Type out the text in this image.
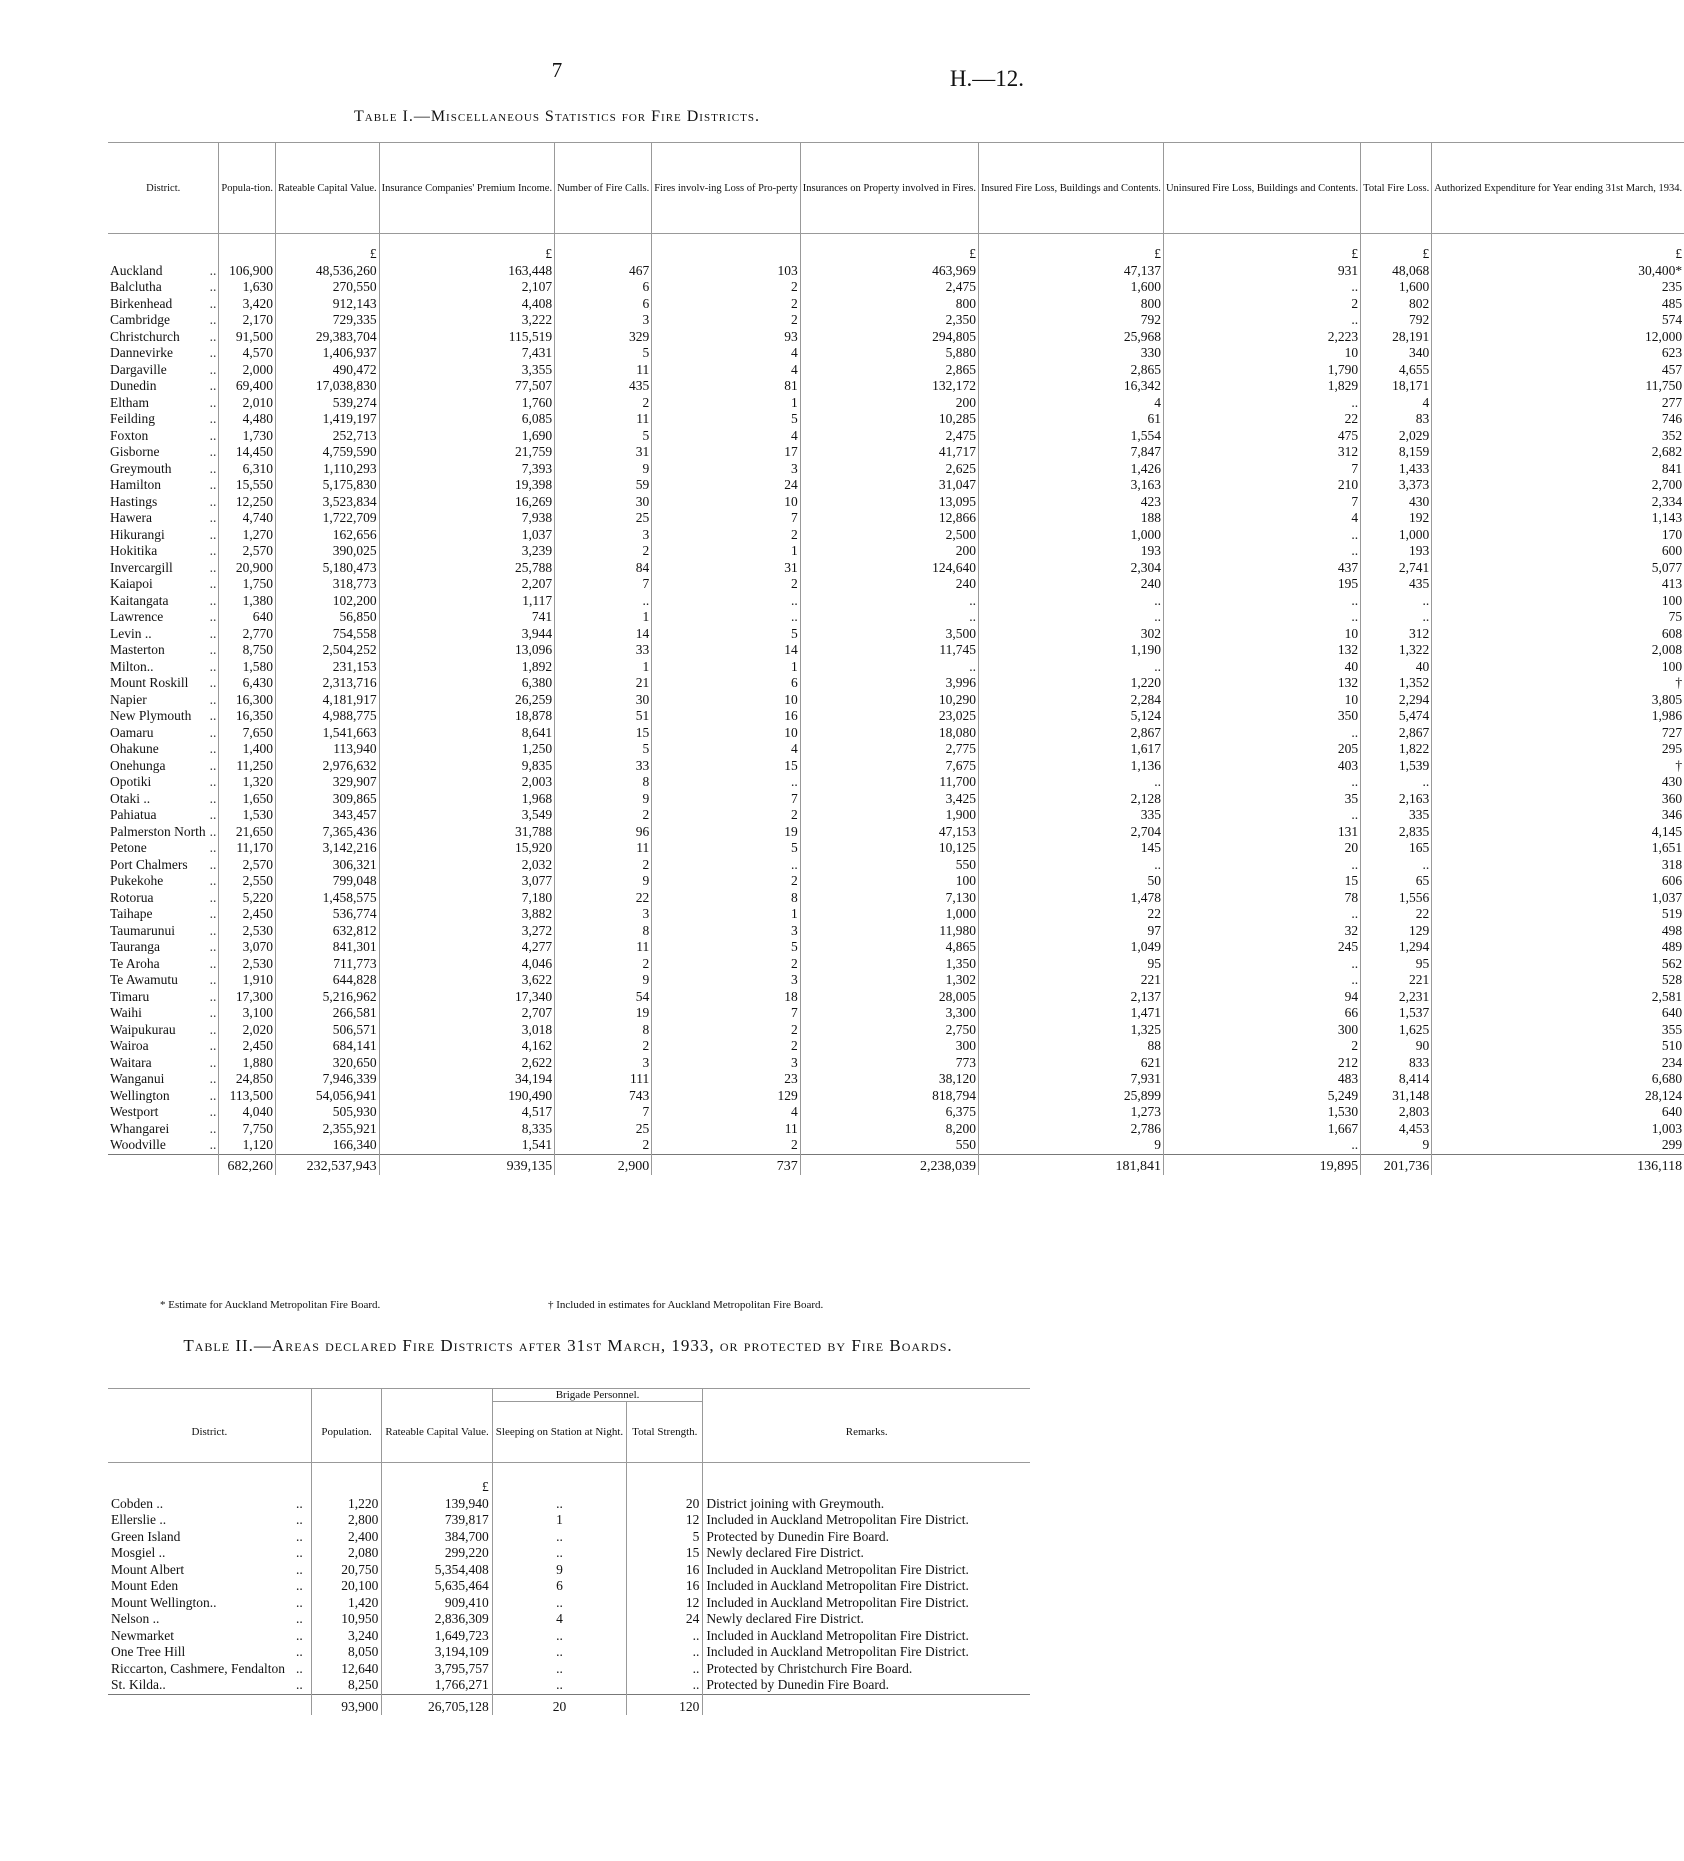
7	H.—12.
Table I.—Miscellaneous Statistics for Fire Districts.
District.		Popula-tion.	Rateable Capital Value.	Insurance Companies' Premium Income.	Number of Fire Calls.	Fires involv-ing Loss of Pro-perty	Insurances on Property involved in Fires.	Insured Fire Loss, Buildings and Contents.	Uninsured Fire Loss, Buildings and Contents.	Total Fire Loss.	Authorized Expenditure for Year ending 31st March, 1934.
			£	£			£	£	£	£	£
Auckland	..	106,900	48,536,260	163,448	467	103	463,969	47,137	931	48,068	30,400*
Balclutha	..	1,630	270,550	2,107	6	2	2,475	1,600	..	1,600	235
Birkenhead	..	3,420	912,143	4,408	6	2	800	800	2	802	485
Cambridge	..	2,170	729,335	3,222	3	2	2,350	792	..	792	574
Christchurch	..	91,500	29,383,704	115,519	329	93	294,805	25,968	2,223	28,191	12,000
Dannevirke	..	4,570	1,406,937	7,431	5	4	5,880	330	10	340	623
Dargaville	..	2,000	490,472	3,355	11	4	2,865	2,865	1,790	4,655	457
Dunedin	..	69,400	17,038,830	77,507	435	81	132,172	16,342	1,829	18,171	11,750
Eltham	..	2,010	539,274	1,760	2	1	200	4	..	4	277
Feilding	..	4,480	1,419,197	6,085	11	5	10,285	61	22	83	746
Foxton	..	1,730	252,713	1,690	5	4	2,475	1,554	475	2,029	352
Gisborne	..	14,450	4,759,590	21,759	31	17	41,717	7,847	312	8,159	2,682
Greymouth	..	6,310	1,110,293	7,393	9	3	2,625	1,426	7	1,433	841
Hamilton	..	15,550	5,175,830	19,398	59	24	31,047	3,163	210	3,373	2,700
Hastings	..	12,250	3,523,834	16,269	30	10	13,095	423	7	430	2,334
Hawera	..	4,740	1,722,709	7,938	25	7	12,866	188	4	192	1,143
Hikurangi	..	1,270	162,656	1,037	3	2	2,500	1,000	..	1,000	170
Hokitika	..	2,570	390,025	3,239	2	1	200	193	..	193	600
Invercargill	..	20,900	5,180,473	25,788	84	31	124,640	2,304	437	2,741	5,077
Kaiapoi	..	1,750	318,773	2,207	7	2	240	240	195	435	413
Kaitangata	..	1,380	102,200	1,117	..	..	..	..	..	..	100
Lawrence	..	640	56,850	741	1	..	..	..	..	..	75
Levin ..	..	2,770	754,558	3,944	14	5	3,500	302	10	312	608
Masterton	..	8,750	2,504,252	13,096	33	14	11,745	1,190	132	1,322	2,008
Milton..	..	1,580	231,153	1,892	1	1	..	..	40	40	100
Mount Roskill	..	6,430	2,313,716	6,380	21	6	3,996	1,220	132	1,352	†
Napier	..	16,300	4,181,917	26,259	30	10	10,290	2,284	10	2,294	3,805
New Plymouth	..	16,350	4,988,775	18,878	51	16	23,025	5,124	350	5,474	1,986
Oamaru	..	7,650	1,541,663	8,641	15	10	18,080	2,867	..	2,867	727
Ohakune	..	1,400	113,940	1,250	5	4	2,775	1,617	205	1,822	295
Onehunga	..	11,250	2,976,632	9,835	33	15	7,675	1,136	403	1,539	†
Opotiki	..	1,320	329,907	2,003	8	..	11,700	..	..	..	430
Otaki ..	..	1,650	309,865	1,968	9	7	3,425	2,128	35	2,163	360
Pahiatua	..	1,530	343,457	3,549	2	2	1,900	335	..	335	346
Palmerston North	..	21,650	7,365,436	31,788	96	19	47,153	2,704	131	2,835	4,145
Petone	..	11,170	3,142,216	15,920	11	5	10,125	145	20	165	1,651
Port Chalmers	..	2,570	306,321	2,032	2	..	550	..	..	..	318
Pukekohe	..	2,550	799,048	3,077	9	2	100	50	15	65	606
Rotorua	..	5,220	1,458,575	7,180	22	8	7,130	1,478	78	1,556	1,037
Taihape	..	2,450	536,774	3,882	3	1	1,000	22	..	22	519
Taumarunui	..	2,530	632,812	3,272	8	3	11,980	97	32	129	498
Tauranga	..	3,070	841,301	4,277	11	5	4,865	1,049	245	1,294	489
Te Aroha	..	2,530	711,773	4,046	2	2	1,350	95	..	95	562
Te Awamutu	..	1,910	644,828	3,622	9	3	1,302	221	..	221	528
Timaru	..	17,300	5,216,962	17,340	54	18	28,005	2,137	94	2,231	2,581
Waihi	..	3,100	266,581	2,707	19	7	3,300	1,471	66	1,537	640
Waipukurau	..	2,020	506,571	3,018	8	2	2,750	1,325	300	1,625	355
Wairoa	..	2,450	684,141	4,162	2	2	300	88	2	90	510
Waitara	..	1,880	320,650	2,622	3	3	773	621	212	833	234
Wanganui	..	24,850	7,946,339	34,194	111	23	38,120	7,931	483	8,414	6,680
Wellington	..	113,500	54,056,941	190,490	743	129	818,794	25,899	5,249	31,148	28,124
Westport	..	4,040	505,930	4,517	7	4	6,375	1,273	1,530	2,803	640
Whangarei	..	7,750	2,355,921	8,335	25	11	8,200	2,786	1,667	4,453	1,003
Woodville	..	1,120	166,340	1,541	2	2	550	9	..	9	299
		682,260	232,537,943	939,135	2,900	737	2,238,039	181,841	19,895	201,736	136,118
* Estimate for Auckland Metropolitan Fire Board.	† Included in estimates for Auckland Metropolitan Fire Board.
Table II.—Areas declared Fire Districts after 31st March, 1933, or protected by Fire Boards.
				Brigade Personnel.		
District.		Population.	Rateable Capital Value.	Sleeping on Station at Night.	Total Strength.	Remarks.
			£			
Cobden ..	..	1,220	139,940	..	20	District joining with Greymouth.
Ellerslie ..	..	2,800	739,817	1	12	Included in Auckland Metropolitan Fire District.
Green Island	..	2,400	384,700	..	5	Protected by Dunedin Fire Board.
Mosgiel ..	..	2,080	299,220	..	15	Newly declared Fire District.
Mount Albert	..	20,750	5,354,408	9	16	Included in Auckland Metropolitan Fire District.
Mount Eden	..	20,100	5,635,464	6	16	Included in Auckland Metropolitan Fire District.
Mount Wellington..	..	1,420	909,410	..	12	Included in Auckland Metropolitan Fire District.
Nelson ..	..	10,950	2,836,309	4	24	Newly declared Fire District.
Newmarket	..	3,240	1,649,723	..	..	Included in Auckland Metropolitan Fire District.
One Tree Hill	..	8,050	3,194,109	..	..	Included in Auckland Metropolitan Fire District.
Riccarton, Cashmere, Fendalton	..	12,640	3,795,757	..	..	Protected by Christchurch Fire Board.
St. Kilda..	..	8,250	1,766,271	..	..	Protected by Dunedin Fire Board.
		93,900	26,705,128	20	120	
